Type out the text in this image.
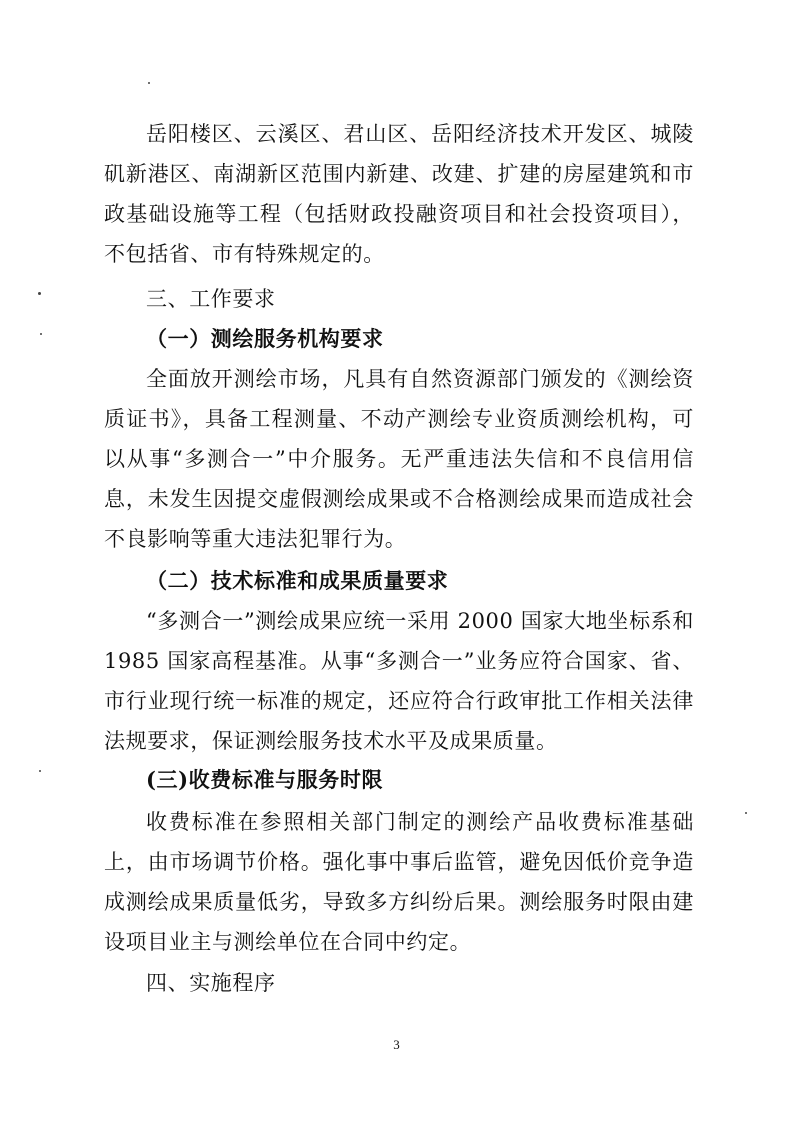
岳阳楼区、云溪区、君山区、岳阳经济技术开发区、城陵矶新港区、南湖新区范围内新建、改建、扩建的房屋建筑和市政基础设施等工程（包括财政投融资项目和社会投资项目），不包括省、市有特殊规定的。

三、工作要求

（一）测绘服务机构要求

全面放开测绘市场，凡具有自然资源部门颁发的《测绘资质证书》，具备工程测量、不动产测绘专业资质测绘机构，可以从事“多测合一”中介服务。无严重违法失信和不良信用信息，未发生因提交虚假测绘成果或不合格测绘成果而造成社会不良影响等重大违法犯罪行为。

（二）技术标准和成果质量要求

“多测合一”测绘成果应统一采用 2000 国家大地坐标系和 1985 国家高程基准。从事“多测合一”业务应符合国家、省、市行业现行统一标准的规定，还应符合行政审批工作相关法律法规要求，保证测绘服务技术水平及成果质量。

(三)收费标准与服务时限

收费标准在参照相关部门制定的测绘产品收费标准基础上，由市场调节价格。强化事中事后监管，避免因低价竞争造成测绘成果质量低劣，导致多方纠纷后果。测绘服务时限由建设项目业主与测绘单位在合同中约定。

四、实施程序

3
